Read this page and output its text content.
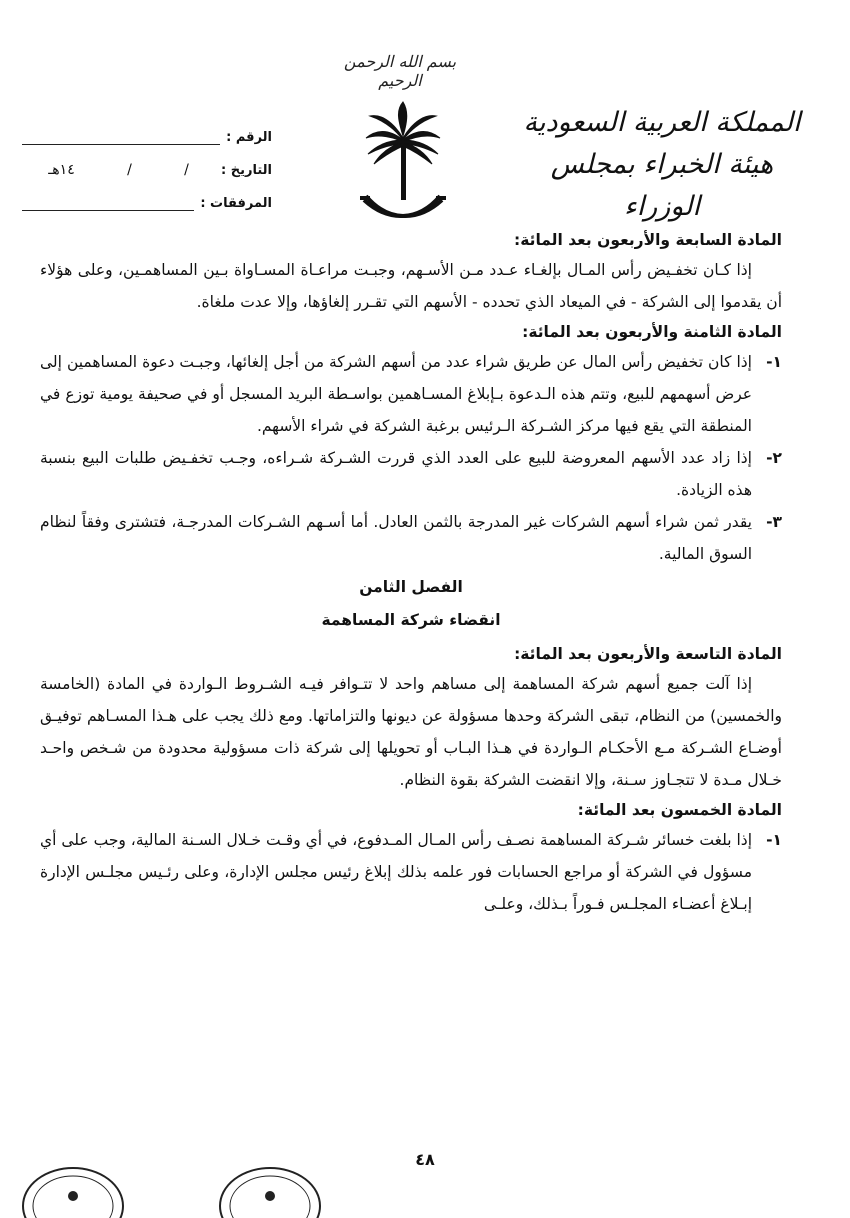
بسم الله الرحمن الرحيم
المملكة العربية السعودية
هيئة الخبراء بمجلس الوزراء
الرقم :
التاريخ :
/
/
١٤هـ
المرفقات :

المادة السابعة والأربعون بعد المائة:

إذا كـان تخفـيض رأس المـال بإلغـاء عـدد مـن الأسـهم، وجبـت مراعـاة المسـاواة بـين المساهمـين، وعلى هؤلاء أن يقدموا إلى الشركة - في الميعاد الذي تحدده - الأسهم التي تقـرر إلغاؤها، وإلا عدت ملغاة.

المادة الثامنة والأربعون بعد المائة:

١-
إذا كان تخفيض رأس المال عن طريق شراء عدد من أسهم الشركة من أجل إلغائها، وجبـت دعوة المساهمين إلى عرض أسهمهم للبيع، وتتم هذه الـدعوة بـإبلاغ المسـاهمين بواسـطة البريد المسجل أو في صحيفة يومية توزع في المنطقة التي يقع فيها مركز الشـركة الـرئيس برغبة الشركة في شراء الأسهم.
٢-
إذا زاد عدد الأسهم المعروضة للبيع على العدد الذي قررت الشـركة شـراءه، وجـب تخفـيض طلبات البيع بنسبة هذه الزيادة.
٣-
يقدر ثمن شراء أسهم الشركات غير المدرجة بالثمن العادل. أما أسـهم الشـركات المدرجـة، فتشترى وفقاً لنظام السوق المالية.
الفصل الثامن
انقضاء شركة المساهمة

المادة التاسعة والأربعون بعد المائة:

إذا آلت جميع أسهم شركة المساهمة إلى مساهم واحد لا تتـوافر فيـه الشـروط الـواردة في المادة (الخامسة والخمسين) من النظام، تبقى الشركة وحدها مسؤولة عن ديونها والتزاماتها. ومع ذلك يجب على هـذا المسـاهم توفيـق أوضـاع الشـركة مـع الأحكـام الـواردة في هـذا البـاب أو تحويلها إلى شركة ذات مسؤولية محدودة من شـخص واحـد خـلال مـدة لا تتجـاوز سـنة، وإلا انقضت الشركة بقوة النظام.

المادة الخمسون بعد المائة:

١-
إذا بلغت خسائر شـركة المساهمة نصـف رأس المـال المـدفوع، في أي وقـت خـلال السـنة المالية، وجب على أي مسؤول في الشركة أو مراجع الحسابات فور علمه بذلك إبلاغ رئيس مجلس الإدارة، وعلى رئـيس مجلـس الإدارة إبـلاغ أعضـاء المجلـس فـوراً بـذلك، وعلـى
٤٨
